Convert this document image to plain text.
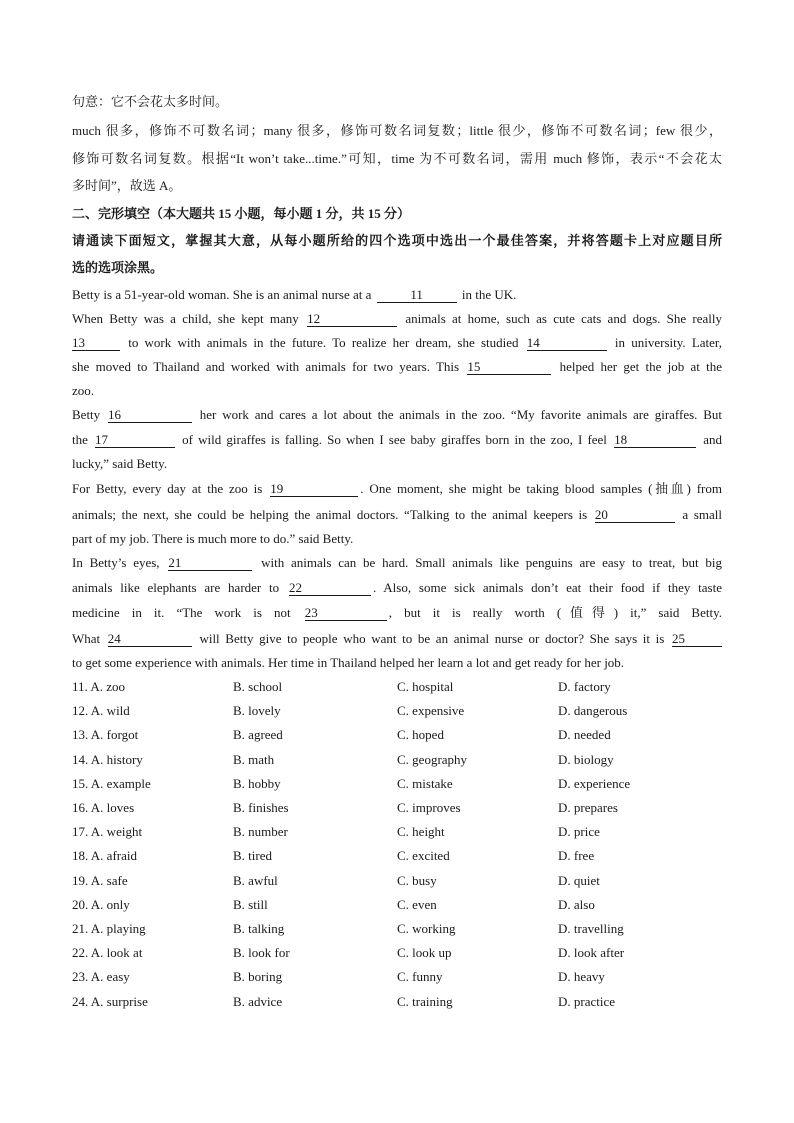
句意：它不会花太多时间。
much 很多，修饰不可数名词；many 很多，修饰可数名词复数；little 很少，修饰不可数名词；few 很少，
修饰可数名词复数。根据“It won’t take...time.”可知，time 为不可数名词，需用 much 修饰，表示“不会花太
多时间”，故选 A。
二、完形填空（本大题共 15 小题，每小题 1 分，共 15 分）
请通读下面短文，掌握其大意，从每小题所给的四个选项中选出一个最佳答案，并将答题卡上对应题目所
选的选项涂黑。
Betty is a 51-year-old woman. She is an animal nurse at a	11	in the UK.
When Betty was a child, she kept many 12	animals at home, such as cute cats and dogs. She really
13	to work with animals in the future. To realize her dream, she studied 14	in university. Later,
she moved to Thailand and worked with animals for two years. This 15	helped her get the job at the
zoo.
Betty 16	her work and cares a lot about the animals in the zoo. “My favorite animals are giraffes. But
the 17	of wild giraffes is falling. So when I see baby giraffes born in the zoo, I feel 18	and
lucky,” said Betty.
For Betty, every day at the zoo is 19	. One moment, she might be taking blood samples (抽血) from
animals; the next, she could be helping the animal doctors. “Talking to the animal keepers is 20	a small
part of my job. There is much more to do.” said Betty.
In Betty’s eyes, 21	with animals can be hard. Small animals like penguins are easy to treat, but big
animals like elephants are harder to 22	. Also, some sick animals don’t eat their food if they taste
medicine in it. “The work is not 23	, but it is really worth (值得) it,” said Betty.
What 24	will Betty give to people who want to be an animal nurse or doctor? She says it is 25
to get some experience with animals. Her time in Thailand helped her learn a lot and get ready for her job.
11. A. zoo	B. school	C. hospital	D. factory
12. A. wild	B. lovely	C. expensive	D. dangerous
13. A. forgot	B. agreed	C. hoped	D. needed
14. A. history	B. math	C. geography	D. biology
15. A. example	B. hobby	C. mistake	D. experience
16. A. loves	B. finishes	C. improves	D. prepares
17. A. weight	B. number	C. height	D. price
18. A. afraid	B. tired	C. excited	D. free
19. A. safe	B. awful	C. busy	D. quiet
20. A. only	B. still	C. even	D. also
21. A. playing	B. talking	C. working	D. travelling
22. A. look at	B. look for	C. look up	D. look after
23. A. easy	B. boring	C. funny	D. heavy
24. A. surprise	B. advice	C. training	D. practice
